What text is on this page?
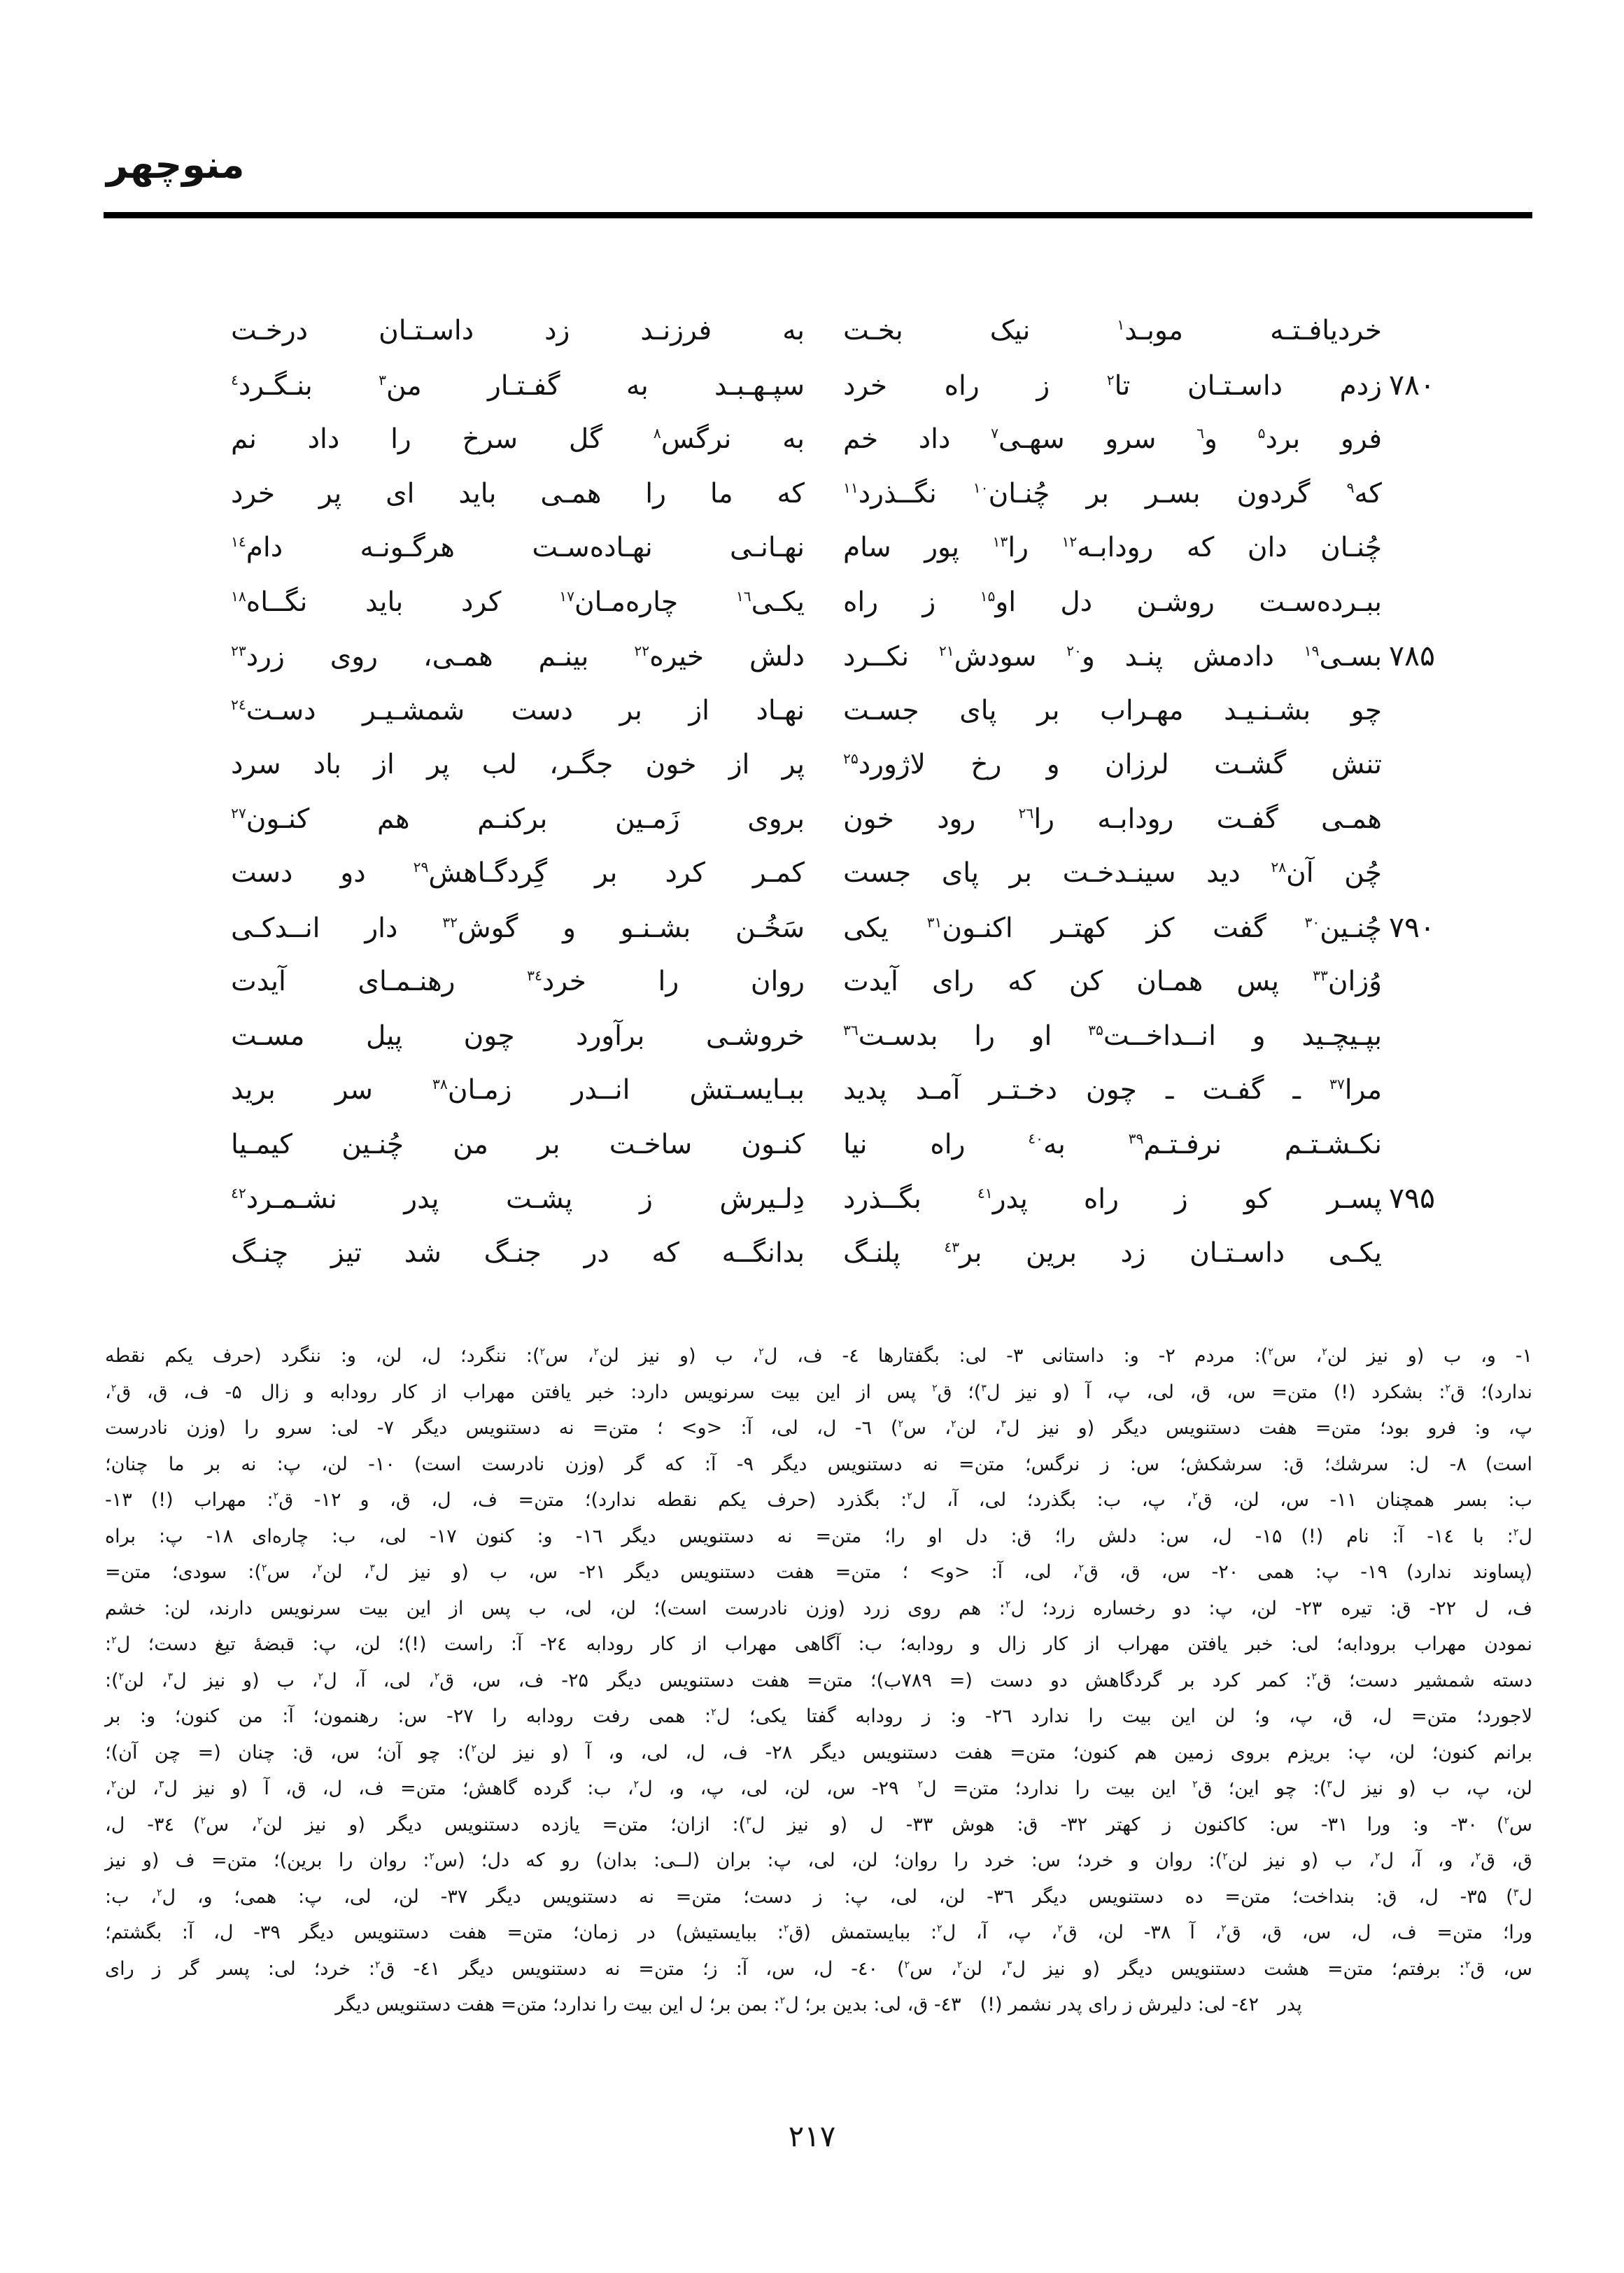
منوچهر
خردیافـتـه موبـد$^١$ نیک بخـت
به فرزنـد زد داسـتـان درخـت
٧٨٠
زدم داسـتـان تا$^٢$ ز راه خرد
سپـهـبـد به گفـتـار من$^٣$ بنـگـرد$^٤$
فرو برد$^۵$ و$^٦$ سرو سهـی$^٧$ داد خم
به نرگس$^٨$ گل سرخ را داد نم
که$^٩$ گردون بسـر بر چُنـان$^{١٠}$ نگــذرد$^{١١}$
که ما را همـی باید ای پر خرد
چُنـان دان که رودابـه$^{١٢}$ را$^{١٣}$ پور سام
نهـانـی نهـاده‌سـت هرگـونـه دام$^{١٤}$
ببـرده‌سـت روشـن دل او$^{١۵}$ ز راه
یکـی$^{١٦}$ چاره‌مـان$^{١٧}$ کرد باید نگــاه$^{١٨}$
٧٨۵
بسـی$^{١٩}$ دادمش پنـد و$^{٢٠}$ سودش$^{٢١}$ نکــرد
دلش خیره$^{٢٢}$ بینـم همـی، روی زرد$^{٢٣}$
چو بشـنـیـد مهـراب بر پای جسـت
نهـاد از بر دست شمشـیـر دسـت$^{٢٤}$
تنش گشـت لرزان و رخ لاژورد$^{٢۵}$
پر از خون جگـر، لب پر از باد سرد
همـی گفـت رودابـه را$^{٢٦}$ رود خون
بروی زَمـین برکنـم هم کنـون$^{٢٧}$
چُن آن$^{٢٨}$ دید سینـدخـت بر پای جست
کمـر کرد بر گِردگـاهش$^{٢٩}$ دو دست
٧٩٠
چُنـین$^{٣٠}$ گفت کز کهتـر اکنـون$^{٣١}$ یکی
سَخُـن بشـنـو و گوش$^{٣٢}$ دار انــدکـی
وُزان$^{٣٣}$ پس همـان کن که رای آیدت
روان را خرد$^{٣٤}$ رهنـمـای آیدت
بپـیچـید و انــداخــت$^{٣۵}$ او را بدسـت$^{٣٦}$
خروشـی برآورد چون پیل مسـت
مرا$^{٣٧}$ ـ گفـت ـ چون دخـتـر آمـد پدید
ببـایسـتش انــدر زمـان$^{٣٨}$ سر برید
نکـشـتـم نرفـتـم$^{٣٩}$ به$^{٤٠}$ راه نیا
کنـون ساخـت بر من چُنـین کیمـیا
٧٩۵
پسـر کو ز راه پدر$^{٤١}$ بگــذرد
دِلـیرش ز پشـت پدر نشـمـرد$^{٤٢}$
یکـی داسـتـان زد برین بر$^{٤٣}$ پلنـگ
بدانگــه که در جنـگ شد تیز چنـگ
١- و، ب (و نیز لن$^٢$، س$^٢$): مردم ٢- و: داستانی ٣- لی: بگفتارها ٤- ف، ل$^٢$، ب (و نیز لن$^٢$، س$^٢$): ننگرد؛ ل، لن، و: ننگرد (حرف یکم نقطه
ندارد)؛ ق$^٢$: بشکرد (!) متن= س، ق، لی، پ، آ (و نیز ل$^٣$)؛ ق$^٢$ پس از این بیت سرنویس دارد: خبر یافتن مهراب از کار رودابه و زال ۵- ف، ق، ق$^٢$،
پ، و: فرو بود؛ متن= هفت دستنویس دیگر (و نیز ل$^٣$، لن$^٢$، س$^٢$) ٦- ل، لی، آ: <و> ؛ متن= نه دستنویس دیگر ٧- لی: سرو را (وزن نادرست
است) ٨- ل: سرشك؛ ق: سرشکش؛ س: ز نرگس؛ متن= نه دستنویس دیگر ٩- آ: که گر (وزن نادرست است) ١٠- لن، پ: نه بر ما چنان؛
ب: بسر همچنان ١١- س، لن، ق$^٢$، پ، ب: بگذرد؛ لی، آ، ل$^٢$: بگذرد (حرف یکم نقطه ندارد)؛ متن= ف، ل، ق، و ١٢- ق$^٢$: مهراب (!) ١٣-
ل$^٢$: با ١٤- آ: نام (!) ١۵- ل، س: دلش را؛ ق: دل او را؛ متن= نه دستنویس دیگر ١٦- و: کنون ١٧- لی، ب: چاره‌ای ١٨- پ: براه
(پساوند ندارد) ١٩- پ: همی ٢٠- س، ق، ق$^٢$، لی، آ: <و> ؛ متن= هفت دستنویس دیگر ٢١- س، ب (و نیز ل$^٣$، لن$^٢$، س$^٢$): سودی؛ متن=
ف، ل ٢٢- ق: تیره ٢٣- لن، پ: دو رخساره زرد؛ ل$^٢$: هم روی زرد (وزن نادرست است)؛ لن، لی، ب پس از این بیت سرنویس دارند، لن: خشم
نمودن مهراب برودابه؛ لی: خبر یافتن مهراب از کار زال و رودابه؛ ب: آگاهی مهراب از کار رودابه ٢٤- آ: راست (!)؛ لن، پ: قبضهٔ تیغ دست؛ ل$^٢$:
دسته شمشیر دست؛ ق$^٢$: کمر کرد بر گردگاهش دو دست (= ٧٨٩ب)؛ متن= هفت دستنویس دیگر ٢۵- ف، س، ق$^٢$، لی، آ، ل$^٢$، ب (و نیز ل$^٣$، لن$^٢$):
لاجورد؛ متن= ل، ق، پ، و؛ لن این بیت را ندارد ٢٦- و: ز رودابه گفتا یکی؛ ل$^٢$: همی رفت رودابه را ٢٧- س: رهنمون؛ آ: من کنون؛ و: بر
برانم کنون؛ لن، پ: بریزم بروی زمین هم کنون؛ متن= هفت دستنویس دیگر ٢٨- ف، ل، لی، و، آ (و نیز لن$^٢$): چو آن؛ س، ق: چنان (= چن آن)؛
لن، پ، ب (و نیز ل$^٣$): چو این؛ ق$^٢$ این بیت را ندارد؛ متن= ل$^٢$ ٢٩- س، لن، لی، پ، و، ل$^٢$، ب: گرده گاهش؛ متن= ف، ل، ق، آ (و نیز ل$^٣$، لن$^٢$،
س$^٢$) ٣٠- و: ورا ٣١- س: کاکنون ز کهتر ٣٢- ق: هوش ٣٣- ل (و نیز ل$^٣$): ازان؛ متن= یازده دستنویس دیگر (و نیز لن$^٢$، س$^٢$) ٣٤- ل،
ق، ق$^٢$، و، آ، ل$^٢$، ب (و نیز لن$^٢$): روان و خرد؛ س: خرد را روان؛ لن، لی، پ: بران (لــی: بدان) رو که دل؛ (س$^٢$: روان را برین)؛ متن= ف (و نیز
ل$^٣$) ٣۵- ل، ق: بنداخت؛ متن= ده دستنویس دیگر ٣٦- لن، لی، پ: ز دست؛ متن= نه دستنویس دیگر ٣٧- لن، لی، پ: همی؛ و، ل$^٢$، ب:
ورا؛ متن= ف، ل، س، ق، ق$^٢$، آ ٣٨- لن، ق$^٢$، پ، آ، ل$^٢$: ببایستمش (ق$^٢$: ببایستیش) در زمان؛ متن= هفت دستنویس دیگر ٣٩- ل، آ: بگشتم؛
س، ق$^٢$: برفتم؛ متن= هشت دستنویس دیگر (و نیز ل$^٣$، لن$^٢$، س$^٢$) ٤٠- ل، س، آ: ز؛ متن= نه دستنویس دیگر ٤١- ق$^٢$: خرد؛ لی: پسر گر ز رای
پدر ٤٢- لی: دلیرش ز رای پدر نشمر (!) ٤٣- ق، لی: بدین بر؛ ل$^٢$: بمن بر؛ ل این بیت را ندارد؛ متن= هفت دستنویس دیگر
٢١٧
